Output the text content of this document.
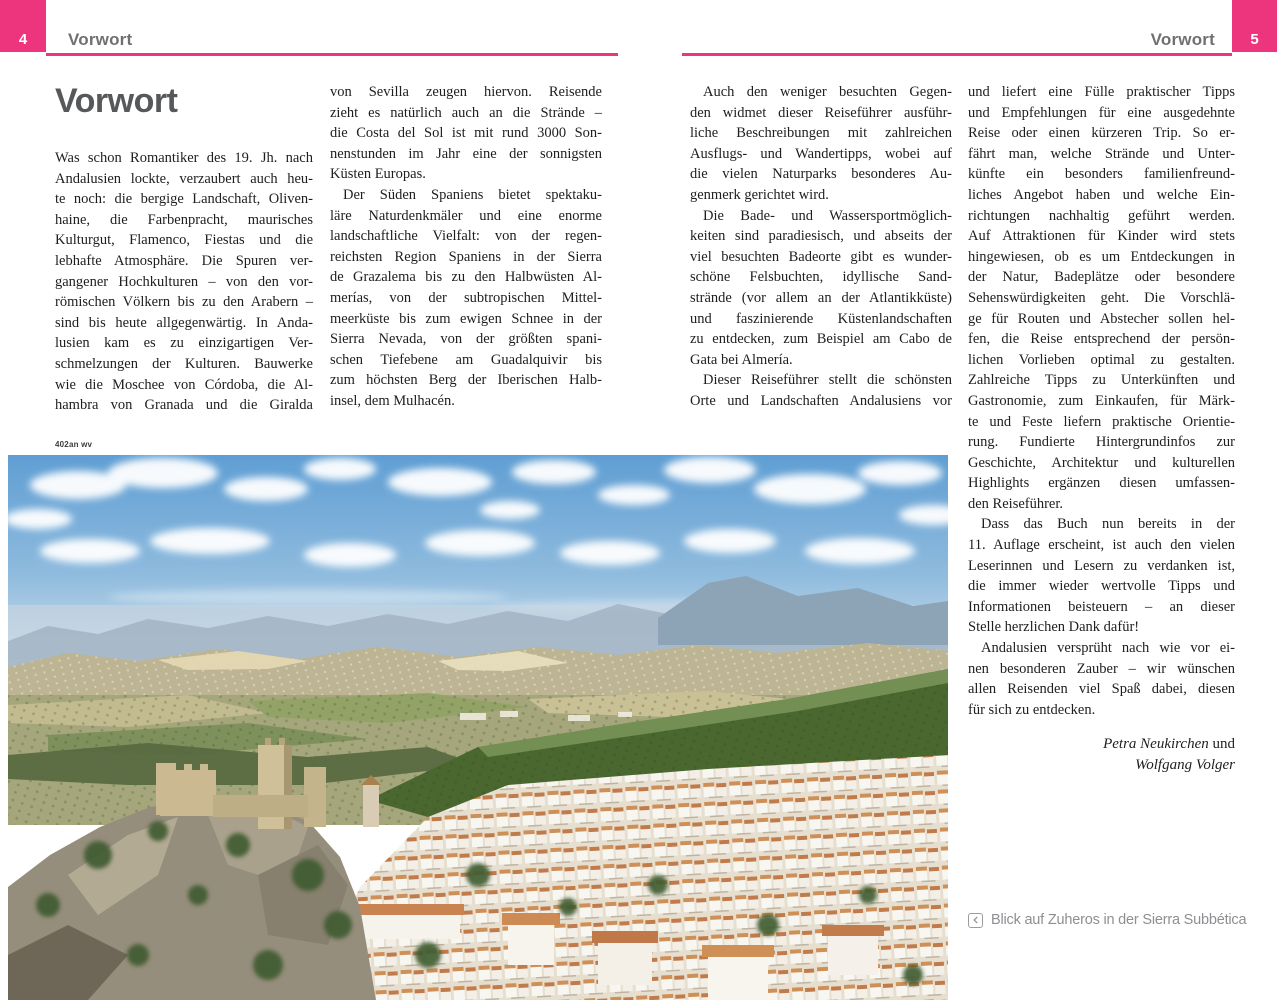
4 Vorwort	5
Vorwort
Vorwort
Was schon Romantiker des 19. Jh. nach
Andalusien lockte, verzaubert auch heu-
te noch: die bergige Landschaft, Oliven-
haine, die Farbenpracht, maurisches
Kulturgut, Flamenco, Fiestas und die
lebhafte Atmosphäre. Die Spuren ver-
gangener Hochkulturen – von den vor-
römischen Völkern bis zu den Arabern –
sind bis heute allgegenwärtig. In Anda-
lusien kam es zu einzigartigen Ver-
schmelzungen der Kulturen. Bauwerke
wie die Moschee von Córdoba, die Al-
hambra von Granada und die Giralda
von Sevilla zeugen hiervon. Reisende
zieht es natürlich auch an die Strände –
die Costa del Sol ist mit rund 3000 Son-
nenstunden im Jahr eine der sonnigsten
Küsten Europas.
Der Süden Spaniens bietet spektaku-
läre Naturdenkmäler und eine enorme
landschaftliche Vielfalt: von der regen-
reichsten Region Spaniens in der Sierra
de Grazalema bis zu den Halbwüsten Al-
merías, von der subtropischen Mittel-
meerküste bis zum ewigen Schnee in der
Sierra Nevada, von der größten spani-
schen Tiefebene am Guadalquivir bis
zum höchsten Berg der Iberischen Halb-
insel, dem Mulhacén.
Auch den weniger besuchten Gegen-
den widmet dieser Reiseführer ausführ-
liche Beschreibungen mit zahlreichen
Ausflugs- und Wandertipps, wobei auf
die vielen Naturparks besonderes Au-
genmerk gerichtet wird.
Die Bade- und Wassersportmöglich-
keiten sind paradiesisch, und abseits der
viel besuchten Badeorte gibt es wunder-
schöne Felsbuchten, idyllische Sand-
strände (vor allem an der Atlantikküste)
und faszinierende Küstenlandschaften
zu entdecken, zum Beispiel am Cabo de
Gata bei Almería.
Dieser Reiseführer stellt die schönsten
Orte und Landschaften Andalusiens vor
und liefert eine Fülle praktischer Tipps
und Empfehlungen für eine ausgedehnte
Reise oder einen kürzeren Trip. So er-
fährt man, welche Strände und Unter-
künfte ein besonders familienfreund-
liches Angebot haben und welche Ein-
richtungen nachhaltig geführt werden.
Auf Attraktionen für Kinder wird stets
hingewiesen, ob es um Entdeckungen in
der Natur, Badeplätze oder besondere
Sehenswürdigkeiten geht. Die Vorschlä-
ge für Routen und Abstecher sollen hel-
fen, die Reise entsprechend der persön-
lichen Vorlieben optimal zu gestalten.
Zahlreiche Tipps zu Unterkünften und
Gastronomie, zum Einkaufen, für Märk-
te und Feste liefern praktische Orientie-
rung. Fundierte Hintergrundinfos zur
Geschichte, Architektur und kulturellen
Highlights ergänzen diesen umfassen-
den Reiseführer.
Dass das Buch nun bereits in der
11. Auflage erscheint, ist auch den vielen
Leserinnen und Lesern zu verdanken ist,
die immer wieder wertvolle Tipps und
Informationen beisteuern – an dieser
Stelle herzlichen Dank dafür!
Andalusien versprüht nach wie vor ei-
nen besonderen Zauber – wir wünschen
allen Reisenden viel Spaß dabei, diesen
für sich zu entdecken.
Petra Neukirchen und
Wolfgang Volger
402an wv
Blick auf Zuheros in der Sierra Subbética
